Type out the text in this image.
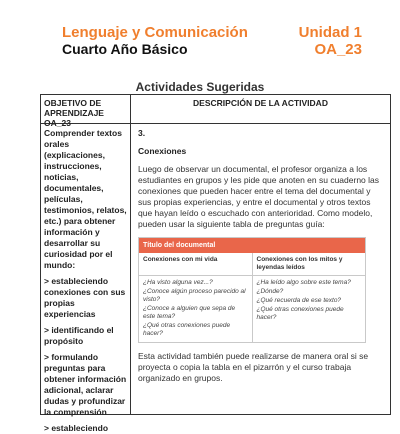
Lenguaje y Comunicación
Cuarto Año Básico
Unidad 1
OA_23
Actividades Sugeridas
OBJETIVO DE APRENDIZAJE OA_23
DESCRIPCIÓN DE LA ACTIVIDAD

Comprender textos orales (explicaciones, instrucciones, noticias, documentales, películas, testimonios, relatos, etc.) para obtener información y desarrollar su curiosidad por el mundo:

> estableciendo conexiones con sus propias experiencias

> identificando el propósito

> formulando preguntas para obtener información adicional, aclarar dudas y profundizar la comprensión

> estableciendo

3.

Conexiones

Luego de observar un documental, el profesor organiza a los estudiantes en grupos y les pide que anoten en su cuaderno las conexiones que pueden hacer entre el tema del documental y sus propias experiencias, y entre el documental y otros textos que hayan leído o escuchado con anterioridad. Como modelo, pueden usar la siguiente tabla de preguntas guía:

Título del documental
Conexiones con mi vida	Conexiones con los mitos y leyendas leídos
¿Ha visto alguna vez...?
¿Conoce algún proceso parecido al visto?
¿Conoce a alguien que sepa de este tema?
¿Qué otras conexiones puede hacer?
¿Ha leído algo sobre este tema?
¿Dónde?
¿Qué recuerda de ese texto?
¿Qué otras conexiones puede hacer?

Esta actividad también puede realizarse de manera oral si se proyecta o copia la tabla en el pizarrón y el curso trabaja organizado en grupos.
